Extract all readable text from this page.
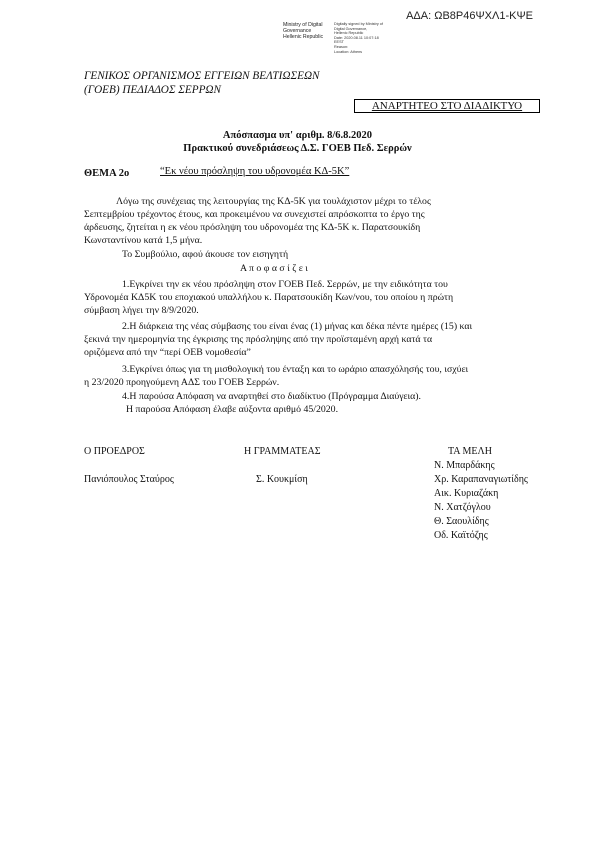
ΑΔΑ: ΩΒ8Ρ46ΨΧΛ1-ΚΨΕ
Ministry of Digital
Governance
Hellenic Republic
Digitally signed by Ministry of
Digital Governance,
Hellenic Republic
Date: 2020.08.11 10:07:18
EEST
Reason:
Location: Athens
ΓΕΝΙΚΟΣ ΟΡΓΑΝΙΣΜΟΣ ΕΓΓΕΙΩΝ ΒΕΛΤΙΩΣΕΩΝ
(ΓΟΕΒ) ΠΕΔΙΑΔΟΣ ΣΕΡΡΩΝ
ΑΝΑΡΤΗΤΕΟ ΣΤΟ ΔΙΑΔΙΚΤΥΟ
Απόσπασμα υπ' αριθμ. 8/6.8.2020
Πρακτικού συνεδριάσεως Δ.Σ. ΓΟΕΒ Πεδ. Σερρών
ΘΕΜΑ 2ο	“Εκ νέου πρόσληψη του υδρονομέα ΚΔ-5Κ”
Λόγω της συνέχειας της λειτουργίας της ΚΔ-5Κ για τουλάχιστον μέχρι το τέλος
Σεπτεμβρίου τρέχοντος έτους, και προκειμένου να συνεχιστεί απρόσκοπτα το έργο της
άρδευσης, ζητείται η εκ νέου πρόσληψη του υδρονομέα της ΚΔ-5Κ κ. Παρατσουκίδη
Κωνσταντίνου κατά 1,5 μήνα.
Το Συμβούλιο, αφού άκουσε τον εισηγητή
Α π ο φ α σ ί ζ ε ι
1.Εγκρίνει την εκ νέου πρόσληψη στον ΓΟΕΒ Πεδ. Σερρών, με την ειδικότητα του
Υδρονομέα ΚΔ5Κ του εποχιακού υπαλλήλου κ. Παρατσουκίδη Κων/νου, του οποίου η πρώτη
σύμβαση λήγει την 8/9/2020.
2.Η διάρκεια της νέας σύμβασης του είναι ένας (1) μήνας και δέκα πέντε ημέρες (15) και
ξεκινά την ημερομηνία της έγκρισης της πρόσληψης από την προϊσταμένη αρχή κατά τα
οριζόμενα από την “περί ΟΕΒ νομοθεσία”
3.Εγκρίνει όπως για τη μισθολογική του ένταξη και το ωράριο απασχόλησής του, ισχύει
η 23/2020 προηγούμενη ΑΔΣ του ΓΟΕΒ Σερρών.
4.Η παρούσα Απόφαση να αναρτηθεί στο διαδίκτυο (Πρόγραμμα Διαύγεια).
Η παρούσα Απόφαση έλαβε αύξοντα αριθμό 45/2020.
Ο ΠΡΟΕΔΡΟΣ
Πανιόπουλος Σταύρος
Η ΓΡΑΜΜΑΤΕΑΣ
Σ. Κουκμίση
ΤΑ ΜΕΛΗ
Ν. Μπαρδάκης
Χρ. Καραπαναγιωτίδης
Αικ. Κυριαζάκη
Ν. Χατζόγλου
Θ. Σαουλίδης
Οδ. Καϊτόζης
